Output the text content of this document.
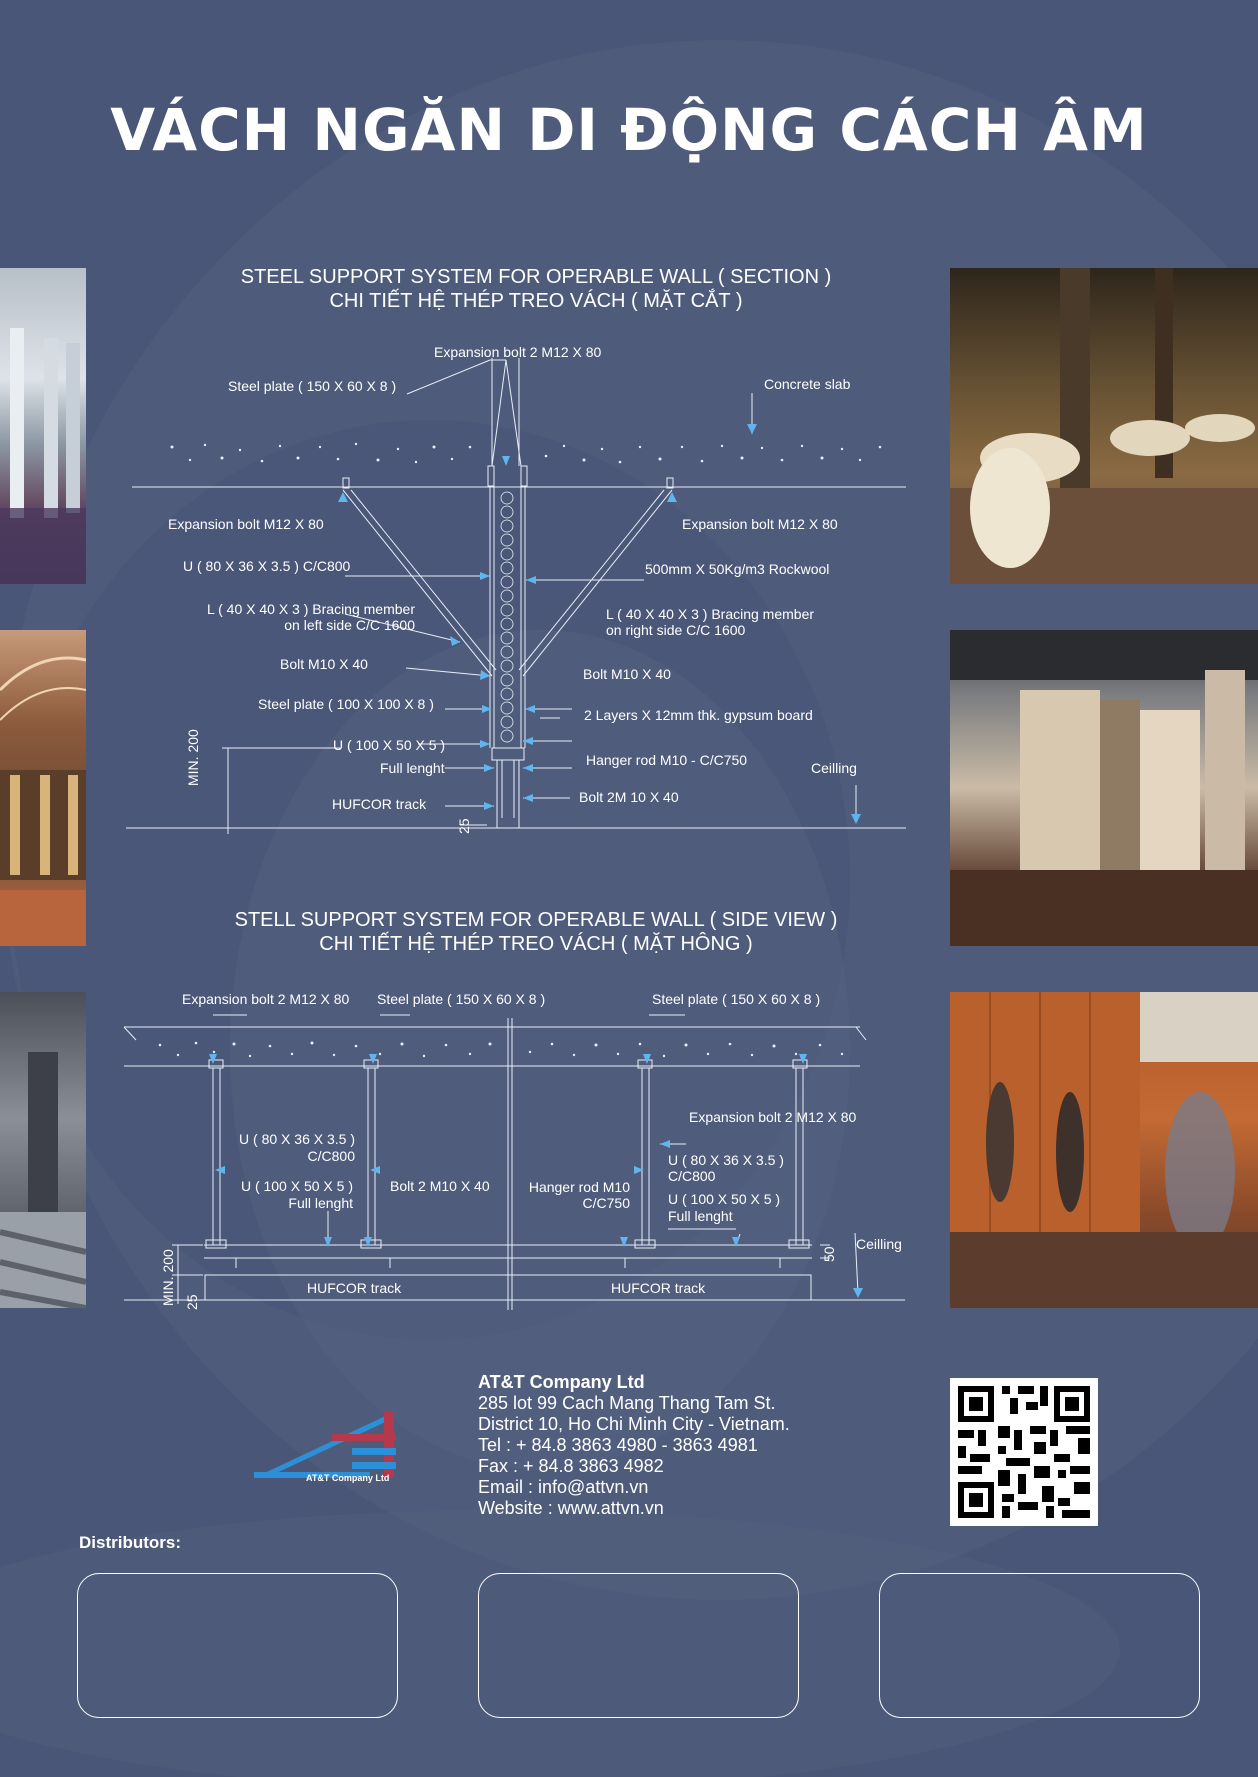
VÁCH NGĂN DI ĐỘNG CÁCH ÂM
STEEL SUPPORT SYSTEM FOR OPERABLE WALL ( SECTION )
CHI TIẾT HỆ THÉP TREO VÁCH ( MẶT CẮT )
STELL SUPPORT SYSTEM FOR OPERABLE WALL ( SIDE VIEW )
CHI TIẾT HỆ THÉP TREO VÁCH ( MẶT HÔNG )
Expansion bolt 2 M12 X 80
Steel plate ( 150 X 60 X 8 )	Concrete slab
Expansion bolt M12 X 80	Expansion bolt M12 X 80
U ( 80 X 36 X 3.5 ) C/C800	500mm X 50Kg/m3 Rockwool
L ( 40 X 40 X 3 ) Bracing member
on left side C/C 1600
L ( 40 X 40 X 3 ) Bracing member
on right side C/C 1600
Bolt M10 X 40
Bolt M10 X 40
Steel plate ( 100 X 100 X 8 )
2 Layers X 12mm thk. gypsum board
U ( 100 X 50 X 5 )
Full lenght	Hanger rod M10 - C/C750	Ceilling
HUFCOR track	Bolt 2M 10 X 40
MIN. 200
25
Expansion bolt 2 M12 X 80 Steel plate ( 150 X 60 X 8 )	Steel plate ( 150 X 60 X 8 )
Expansion bolt 2 M12 X 80
U ( 80 X 36 X 3.5 )
C/C800
U ( 100 X 50 X 5 )
Full lenght
Bolt 2 M10 X 40	Hanger rod M10
C/C750
U ( 80 X 36 X 3.5 )
C/C800
U ( 100 X 50 X 5 )
Full lenght
50
Ceilling
MIN. 200 25
HUFCOR track	HUFCOR track
AT&T Company Ltd
AT&T Company Ltd
285 lot 99 Cach Mang Thang Tam St.
District 10, Ho Chi Minh City - Vietnam.
Tel : + 84.8 3863 4980 - 3863 4981
Fax : + 84.8 3863 4982
Email : info@attvn.vn
Website : www.attvn.vn
Distributors:
